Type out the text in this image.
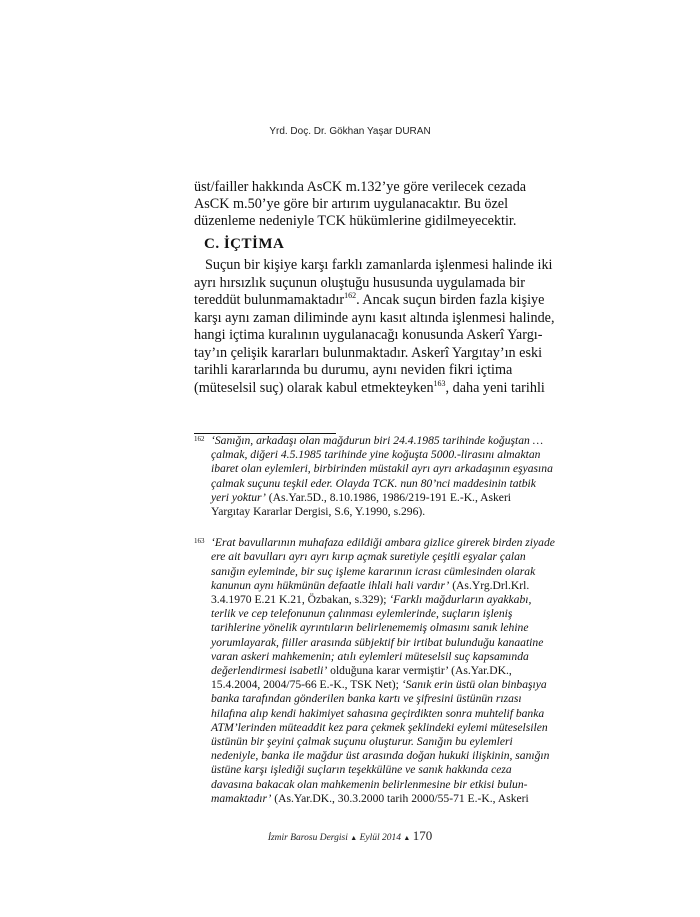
Yrd. Doç. Dr. Gökhan Yaşar DURAN
üst/failler hakkında AsCK m.132’ye göre verilecek cezada
AsCK m.50’ye göre bir artırım uygulanacaktır. Bu özel
düzenleme nedeniyle TCK hükümlerine gidilmeyecektir.
C. İÇTİMA
Suçun bir kişiye karşı farklı zamanlarda işlenmesi halinde iki
ayrı hırsızlık suçunun oluştuğu hususunda uygulamada bir
tereddüt bulunmamaktadır$^{162}$. Ancak suçun birden fazla kişiye
karşı aynı zaman diliminde aynı kasıt altında işlenmesi halinde,
hangi içtima kuralının uygulanacağı konusunda Askerî Yargı-
tay’ın çelişik kararları bulunmaktadır. Askerî Yargıtay’ın eski
tarihli kararlarında bu durumu, aynı neviden fikri içtima
(müteselsil suç) olarak kabul etmekteyken$^{163}$, daha yeni tarihli
162 ‘Sanığın, arkadaşı olan mağdurun biri 24.4.1985 tarihinde koğuştan …
çalmak, diğeri 4.5.1985 tarihinde yine koğuşta 5000.-lirasını almaktan
ibaret olan eylemleri, birbirinden müstakil ayrı ayrı arkadaşının eşyasına
çalmak suçunu teşkil eder. Olayda TCK. nun 80’nci maddesinin tatbik
yeri yoktur’ (As.Yar.5D., 8.10.1986, 1986/219-191 E.-K., Askeri
Yargıtay Kararlar Dergisi, S.6, Y.1990, s.296).
163 ‘Erat bavullarının muhafaza edildiği ambara gizlice girerek birden ziyade
ere ait bavulları ayrı ayrı kırıp açmak suretiyle çeşitli eşyalar çalan
sanığın eyleminde, bir suç işleme kararının icrası cümlesinden olarak
kanunun aynı hükmünün defaatle ihlali hali vardır’ (As.Yrg.Drl.Krl.
3.4.1970 E.21 K.21, Özbakan, s.329); ‘Farklı mağdurların ayakkabı,
terlik ve cep telefonunun çalınması eylemlerinde, suçların işleniş
tarihlerine yönelik ayrıntıların belirlenememiş olmasını sanık lehine
yorumlayarak, fiiller arasında sübjektif bir irtibat bulunduğu kanaatine
varan askeri mahkemenin; atılı eylemleri müteselsil suç kapsamında
değerlendirmesi isabetli’ olduğuna karar vermiştir’ (As.Yar.DK.,
15.4.2004, 2004/75-66 E.-K., TSK Net); ‘Sanık erin üstü olan binbaşıya
banka tarafından gönderilen banka kartı ve şifresini üstünün rızası
hilafına alıp kendi hakimiyet sahasına geçirdikten sonra muhtelif banka
ATM’lerinden müteaddit kez para çekmek şeklindeki eylemi müteselsilen
üstünün bir şeyini çalmak suçunu oluşturur. Sanığın bu eylemleri
nedeniyle, banka ile mağdur üst arasında doğan hukuki ilişkinin, sanığın
üstüne karşı işlediği suçların teşekkülüne ve sanık hakkında ceza
davasına bakacak olan mahkemenin belirlenmesine bir etkisi bulun-
mamaktadır’ (As.Yar.DK., 30.3.2000 tarih 2000/55-71 E.-K., Askeri
İzmir Barosu Dergisi ▲ Eylül 2014 ▲ 170
